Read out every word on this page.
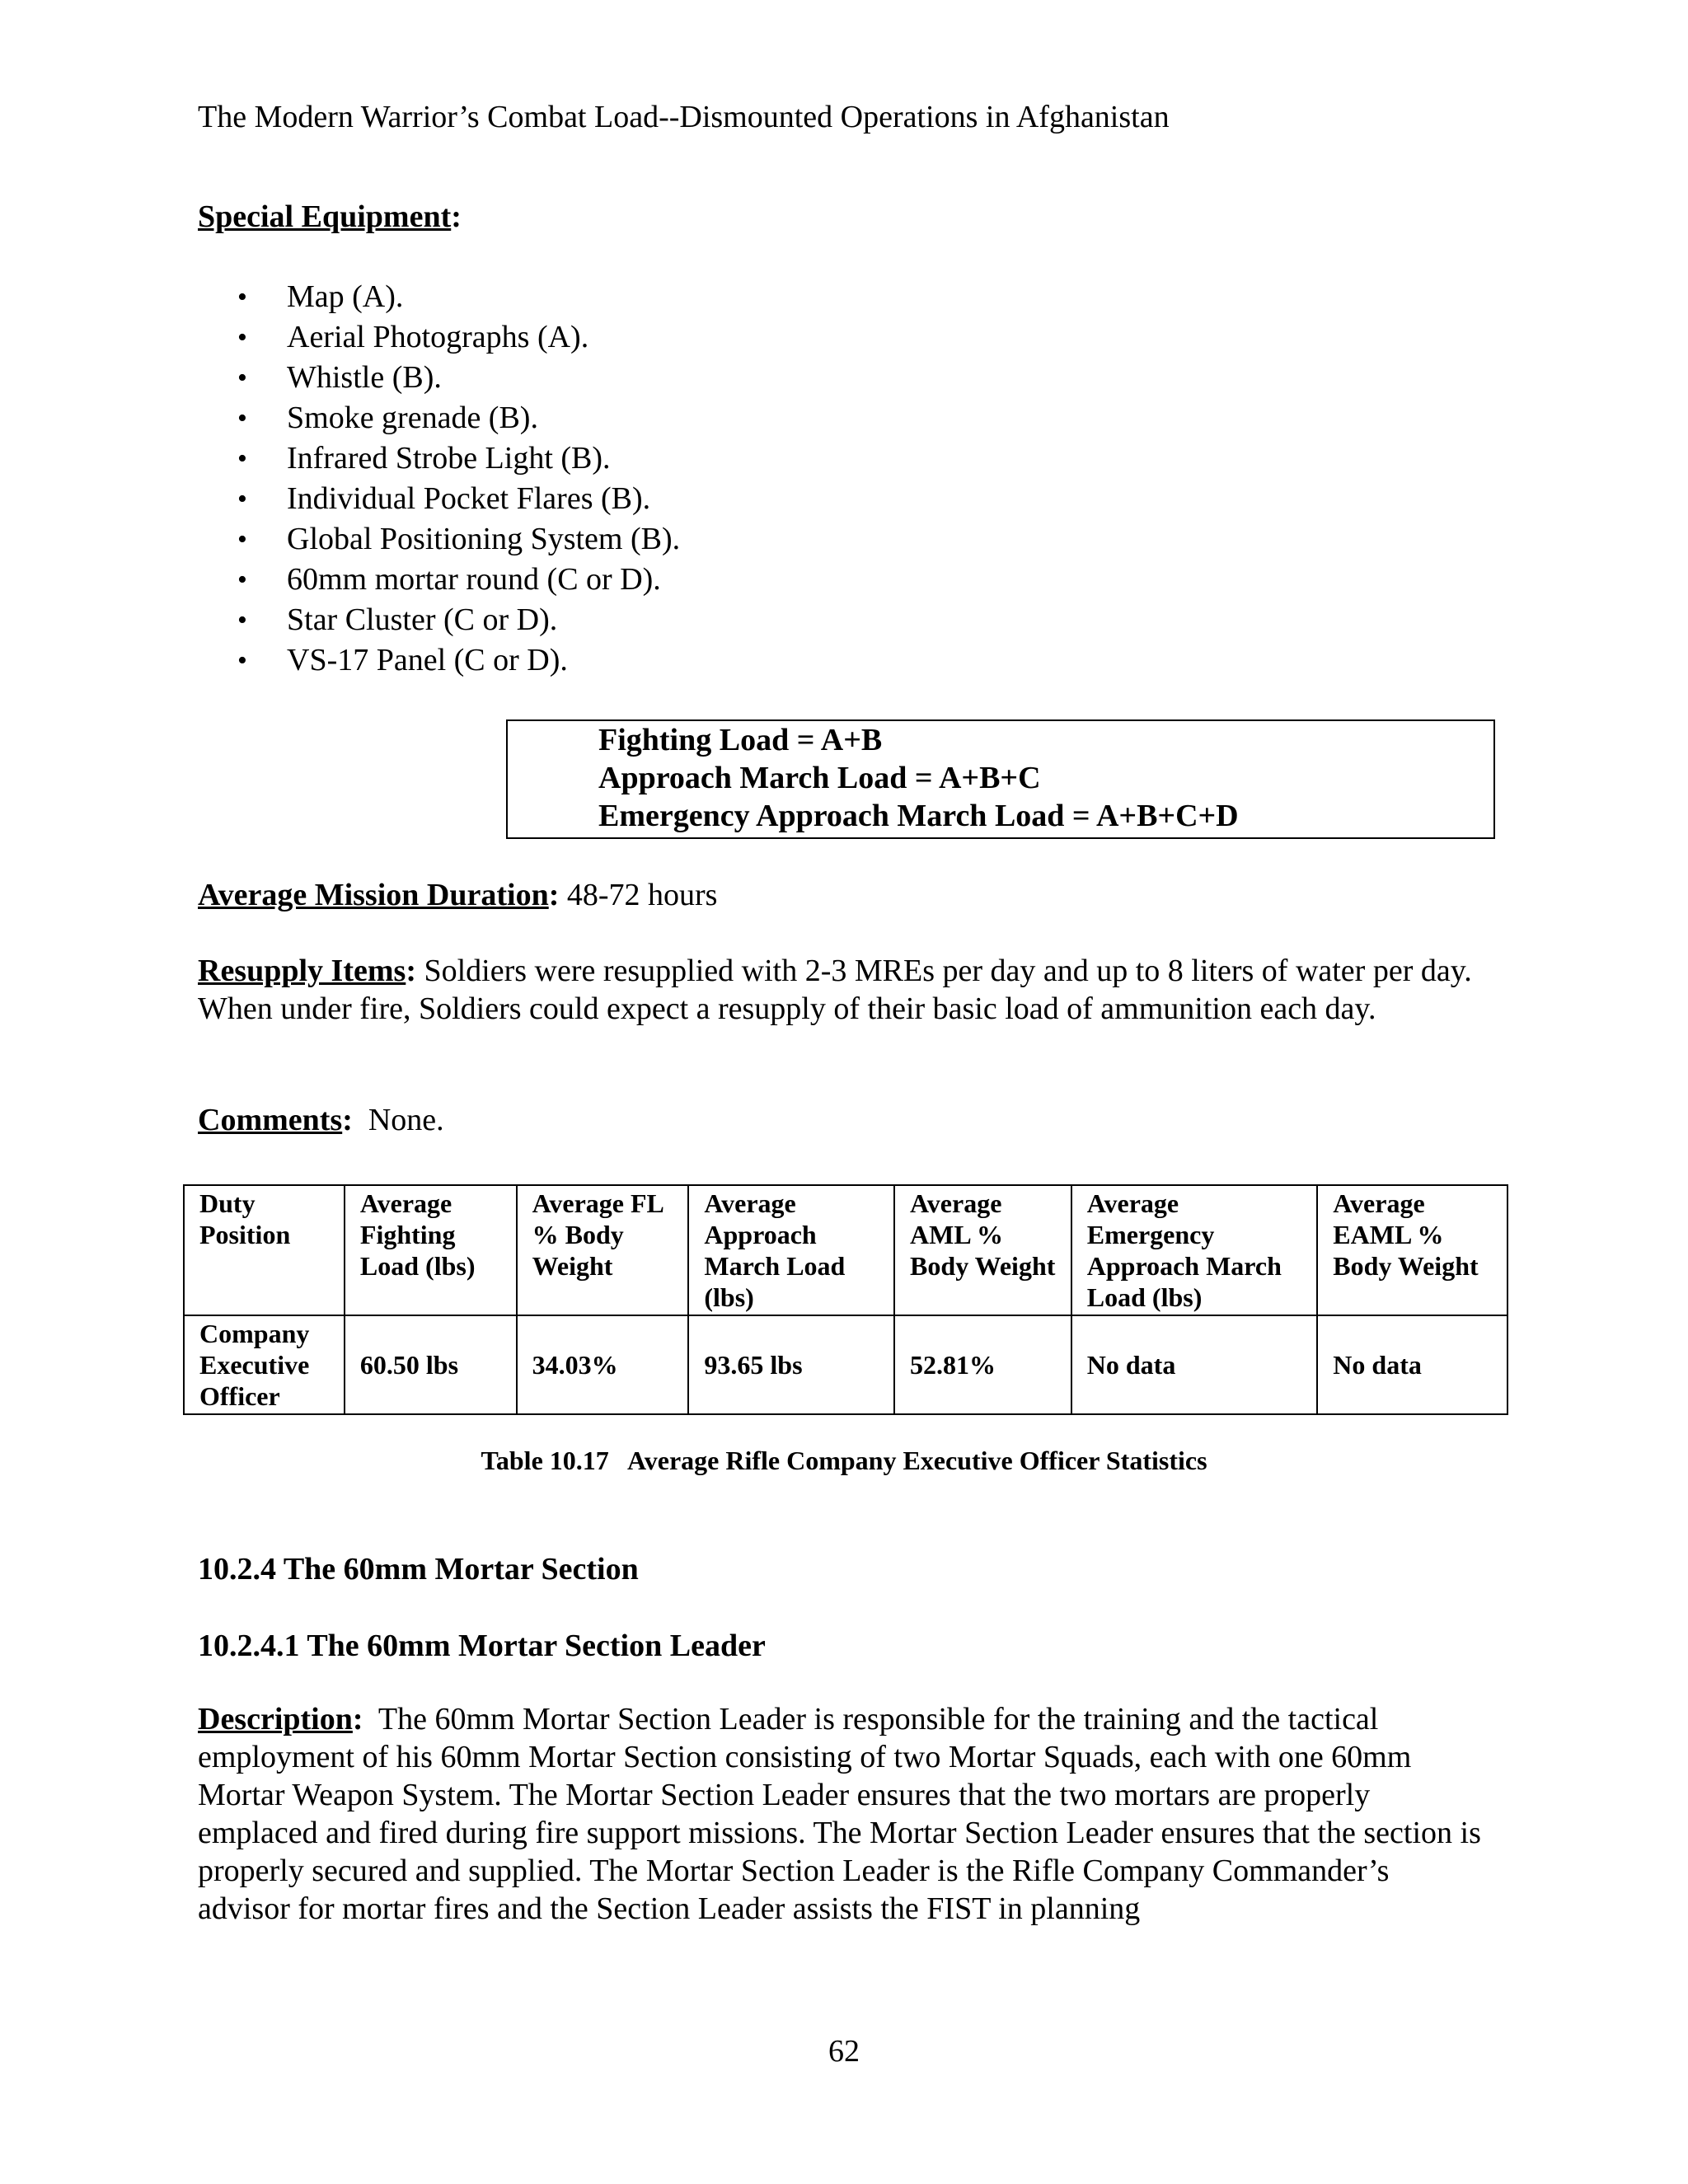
The Modern Warrior’s Combat Load--Dismounted Operations in Afghanistan

Special Equipment:

• Map (A).
• Aerial Photographs (A).
• Whistle (B).
• Smoke grenade (B).
• Infrared Strobe Light (B).
• Individual Pocket Flares (B).
• Global Positioning System (B).
• 60mm mortar round (C or D).
• Star Cluster (C or D).
• VS-17 Panel (C or D).
Fighting Load = A+B
Approach March Load = A+B+C
Emergency Approach March Load = A+B+C+D

Average Mission Duration: 48-72 hours

Resupply Items: Soldiers were resupplied with 2-3 MREs per day and up to 8 liters of water per day. When under fire, Soldiers could expect a resupply of their basic load of ammunition each day.

Comments: None.

Duty Position	Average Fighting Load (lbs)	Average FL % Body Weight	Average Approach March Load (lbs)	Average AML % Body Weight	Average Emergency Approach March Load (lbs)	Average EAML % Body Weight
Company Executive Officer	60.50 lbs	34.03%	93.65 lbs	52.81%	No data	No data
Table 10.17   Average Rifle Company Executive Officer Statistics
10.2.4 The 60mm Mortar Section
10.2.4.1 The 60mm Mortar Section Leader

Description: The 60mm Mortar Section Leader is responsible for the training and the tactical employment of his 60mm Mortar Section consisting of two Mortar Squads, each with one 60mm Mortar Weapon System. The Mortar Section Leader ensures that the two mortars are properly emplaced and fired during fire support missions. The Mortar Section Leader ensures that the section is properly secured and supplied. The Mortar Section Leader is the Rifle Company Commander’s advisor for mortar fires and the Section Leader assists the FIST in planning

62
